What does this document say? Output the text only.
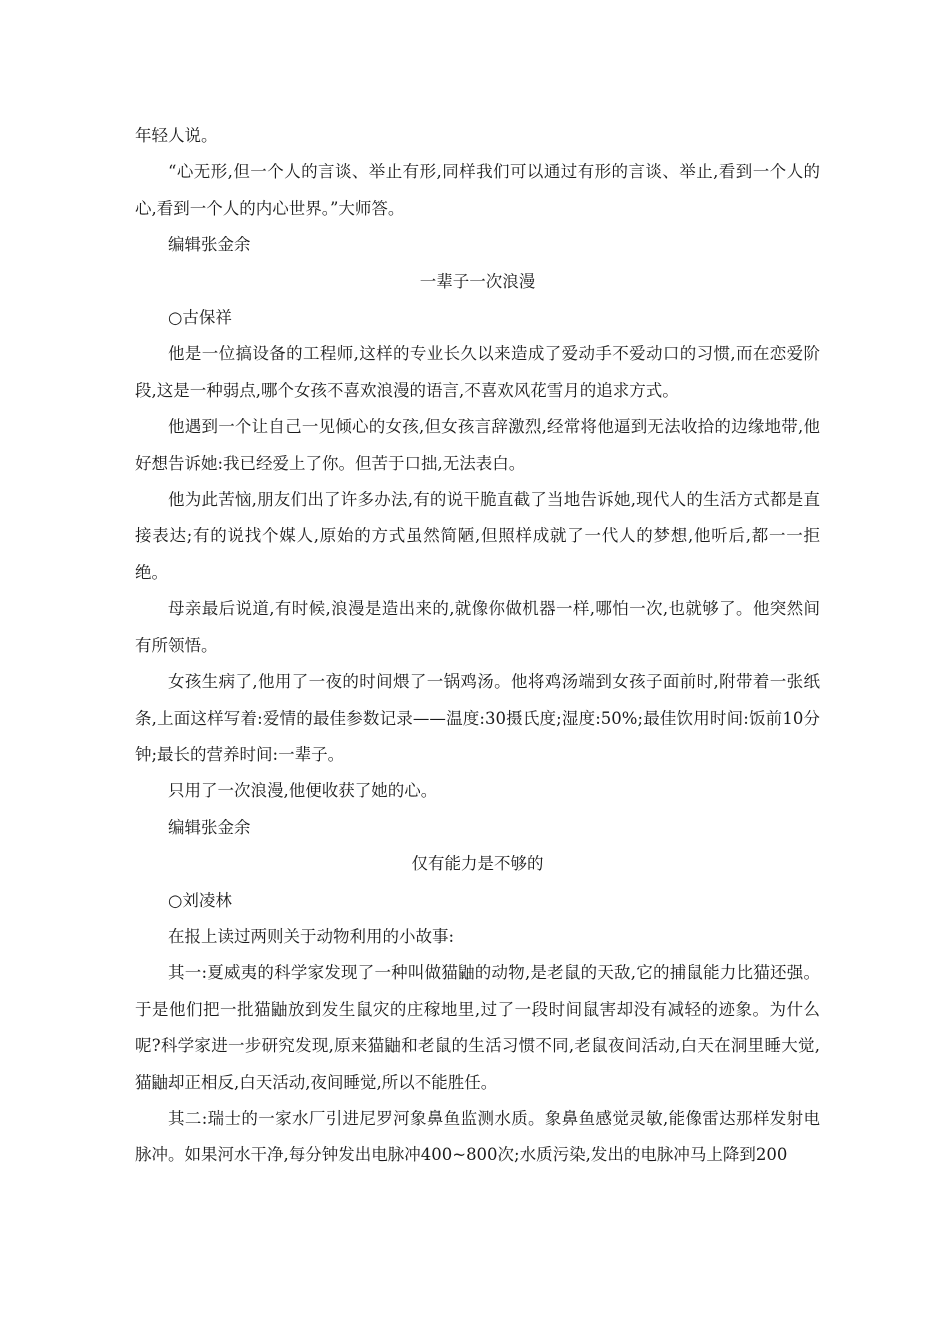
年轻人说。

“心无形,但一个人的言谈、举止有形,同样我们可以通过有形的言谈、举止,看到一个人的心,看到一个人的内心世界。”大师答。

编辑张金余

一辈子一次浪漫

○古保祥

他是一位搞设备的工程师,这样的专业长久以来造成了爱动手不爱动口的习惯,而在恋爱阶段,这是一种弱点,哪个女孩不喜欢浪漫的语言,不喜欢风花雪月的追求方式。

他遇到一个让自己一见倾心的女孩,但女孩言辞激烈,经常将他逼到无法收拾的边缘地带,他好想告诉她:我已经爱上了你。但苦于口拙,无法表白。

他为此苦恼,朋友们出了许多办法,有的说干脆直截了当地告诉她,现代人的生活方式都是直接表达;有的说找个媒人,原始的方式虽然简陋,但照样成就了一代人的梦想,他听后,都一一拒绝。

母亲最后说道,有时候,浪漫是造出来的,就像你做机器一样,哪怕一次,也就够了。他突然间有所领悟。

女孩生病了,他用了一夜的时间煨了一锅鸡汤。他将鸡汤端到女孩子面前时,附带着一张纸条,上面这样写着:爱情的最佳参数记录——温度:30摄氏度;湿度:50%;最佳饮用时间:饭前10分钟;最长的营养时间:一辈子。

只用了一次浪漫,他便收获了她的心。

编辑张金余

仅有能力是不够的

○刘凌林

在报上读过两则关于动物利用的小故事:

其一:夏威夷的科学家发现了一种叫做猫鼬的动物,是老鼠的天敌,它的捕鼠能力比猫还强。于是他们把一批猫鼬放到发生鼠灾的庄稼地里,过了一段时间鼠害却没有减轻的迹象。为什么呢?科学家进一步研究发现,原来猫鼬和老鼠的生活习惯不同,老鼠夜间活动,白天在洞里睡大觉,猫鼬却正相反,白天活动,夜间睡觉,所以不能胜任。

其二:瑞士的一家水厂引进尼罗河象鼻鱼监测水质。象鼻鱼感觉灵敏,能像雷达那样发射电脉冲。如果河水干净,每分钟发出电脉冲400~800次;水质污染,发出的电脉冲马上降到200
